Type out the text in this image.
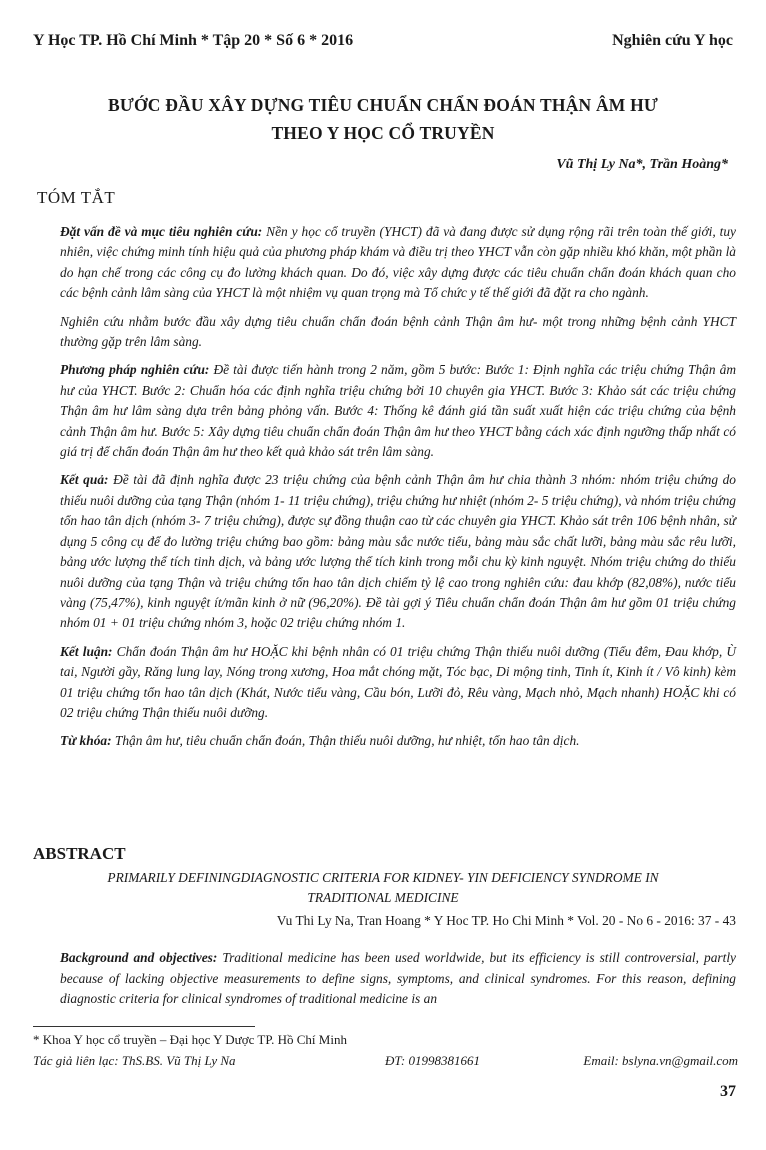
Y Học TP. Hồ Chí Minh * Tập 20 * Số 6 * 2016	Nghiên cứu Y học
BƯỚC ĐẦU XÂY DỰNG TIÊU CHUẨN CHẨN ĐOÁN THẬN ÂM HƯ
THEO Y HỌC CỔ TRUYỀN
Vũ Thị Ly Na*, Trần Hoàng*
TÓM TẮT

Đặt vấn đề và mục tiêu nghiên cứu: Nền y học cổ truyền (YHCT) đã và đang được sử dụng rộng rãi trên toàn thế giới, tuy nhiên, việc chứng minh tính hiệu quả của phương pháp khám và điều trị theo YHCT vẫn còn gặp nhiều khó khăn, một phần là do hạn chế trong các công cụ đo lường khách quan. Do đó, việc xây dựng được các tiêu chuẩn chẩn đoán khách quan cho các bệnh cảnh lâm sàng của YHCT là một nhiệm vụ quan trọng mà Tổ chức y tế thế giới đã đặt ra cho ngành.

Nghiên cứu nhằm bước đầu xây dựng tiêu chuẩn chẩn đoán bệnh cảnh Thận âm hư- một trong những bệnh cảnh YHCT thường gặp trên lâm sàng.

Phương pháp nghiên cứu: Đề tài được tiến hành trong 2 năm, gồm 5 bước: Bước 1: Định nghĩa các triệu chứng Thận âm hư của YHCT. Bước 2: Chuẩn hóa các định nghĩa triệu chứng bởi 10 chuyên gia YHCT. Bước 3: Khảo sát các triệu chứng Thận âm hư lâm sàng dựa trên bảng phỏng vấn. Bước 4: Thống kê đánh giá tần suất xuất hiện các triệu chứng của bệnh cảnh Thận âm hư. Bước 5: Xây dựng tiêu chuẩn chẩn đoán Thận âm hư theo YHCT bằng cách xác định ngưỡng thấp nhất có giá trị để chẩn đoán Thận âm hư theo kết quả khảo sát trên lâm sàng.

Kết quả: Đề tài đã định nghĩa được 23 triệu chứng của bệnh cảnh Thận âm hư chia thành 3 nhóm: nhóm triệu chứng do thiếu nuôi dưỡng của tạng Thận (nhóm 1- 11 triệu chứng), triệu chứng hư nhiệt (nhóm 2- 5 triệu chứng), và nhóm triệu chứng tổn hao tân dịch (nhóm 3- 7 triệu chứng), được sự đồng thuận cao từ các chuyên gia YHCT. Khảo sát trên 106 bệnh nhân, sử dụng 5 công cụ để đo lường triệu chứng bao gồm: bảng màu sắc nước tiểu, bảng màu sắc chất lưỡi, bảng màu sắc rêu lưỡi, bảng ước lượng thể tích tinh dịch, và bảng ước lượng thể tích kinh trong mỗi chu kỳ kinh nguyệt. Nhóm triệu chứng do thiếu nuôi dưỡng của tạng Thận và triệu chứng tổn hao tân dịch chiếm tỷ lệ cao trong nghiên cứu: đau khớp (82,08%), nước tiểu vàng (75,47%), kinh nguyệt ít/mãn kinh ở nữ (96,20%). Đề tài gợi ý Tiêu chuẩn chẩn đoán Thận âm hư gồm 01 triệu chứng nhóm 01 + 01 triệu chứng nhóm 3, hoặc 02 triệu chứng nhóm 1.

Kết luận: Chẩn đoán Thận âm hư HOẶC khi bệnh nhân có 01 triệu chứng Thận thiếu nuôi dưỡng (Tiểu đêm, Đau khớp, Ù tai, Người gầy, Răng lung lay, Nóng trong xương, Hoa mắt chóng mặt, Tóc bạc, Di mộng tinh, Tinh ít, Kinh ít / Vô kinh) kèm 01 triệu chứng tổn hao tân dịch (Khát, Nước tiểu vàng, Cầu bón, Lưỡi đỏ, Rêu vàng, Mạch nhỏ, Mạch nhanh) HOẶC khi có 02 triệu chứng Thận thiếu nuôi dưỡng.

Từ khóa: Thận âm hư, tiêu chuẩn chẩn đoán, Thận thiếu nuôi dưỡng, hư nhiệt, tổn hao tân dịch.

ABSTRACT
PRIMARILY DEFININGDIAGNOSTIC CRITERIA FOR KIDNEY- YIN DEFICIENCY SYNDROME IN
TRADITIONAL MEDICINE
Vu Thi Ly Na, Tran Hoang * Y Hoc TP. Ho Chi Minh * Vol. 20 - No 6 - 2016: 37 - 43
Background and objectives: Traditional medicine has been used worldwide, but its efficiency is still controversial, partly because of lacking objective measurements to define signs, symptoms, and clinical syndromes. For this reason, defining diagnostic criteria for clinical syndromes of traditional medicine is an
* Khoa Y học cổ truyền – Đại học Y Dược TP. Hồ Chí Minh
Tác giả liên lạc: ThS.BS. Vũ Thị Ly Na	ĐT: 01998381661	Email: bslyna.vn@gmail.com
37
